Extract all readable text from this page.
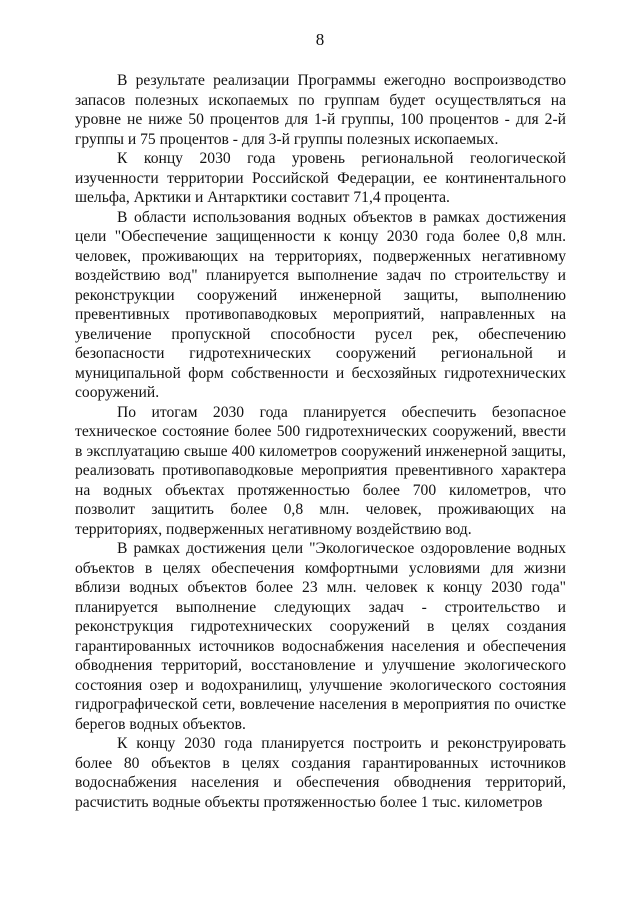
8

В результате реализации Программы ежегодно воспроизводство запасов полезных ископаемых по группам будет осуществляться на уровне не ниже 50 процентов для 1-й группы, 100 процентов - для 2-й группы и 75 процентов - для 3-й группы полезных ископаемых.

К концу 2030 года уровень региональной геологической изученности территории Российской Федерации, ее континентального шельфа, Арктики и Антарктики составит 71,4 процента.

В области использования водных объектов в рамках достижения цели "Обеспечение защищенности к концу 2030 года более 0,8 млн. человек, проживающих на территориях, подверженных негативному воздействию вод" планируется выполнение задач по строительству и реконструкции сооружений инженерной защиты, выполнению превентивных противопаводковых мероприятий, направленных на увеличение пропускной способности русел рек, обеспечению безопасности гидротехнических сооружений региональной и муниципальной форм собственности и бесхозяйных гидротехнических сооружений.

По итогам 2030 года планируется обеспечить безопасное техническое состояние более 500 гидротехнических сооружений, ввести в эксплуатацию свыше 400 километров сооружений инженерной защиты, реализовать противопаводковые мероприятия превентивного характера на водных объектах протяженностью более 700 километров, что позволит защитить более 0,8 млн. человек, проживающих на территориях, подверженных негативному воздействию вод.

В рамках достижения цели "Экологическое оздоровление водных объектов в целях обеспечения комфортными условиями для жизни вблизи водных объектов более 23 млн. человек к концу 2030 года" планируется выполнение следующих задач - строительство и реконструкция гидротехнических сооружений в целях создания гарантированных источников водоснабжения населения и обеспечения обводнения территорий, восстановление и улучшение экологического состояния озер и водохранилищ, улучшение экологического состояния гидрографической сети, вовлечение населения в мероприятия по очистке берегов водных объектов.

К концу 2030 года планируется построить и реконструировать более 80 объектов в целях создания гарантированных источников водоснабжения населения и обеспечения обводнения территорий, расчистить водные объекты протяженностью более 1 тыс. километров
